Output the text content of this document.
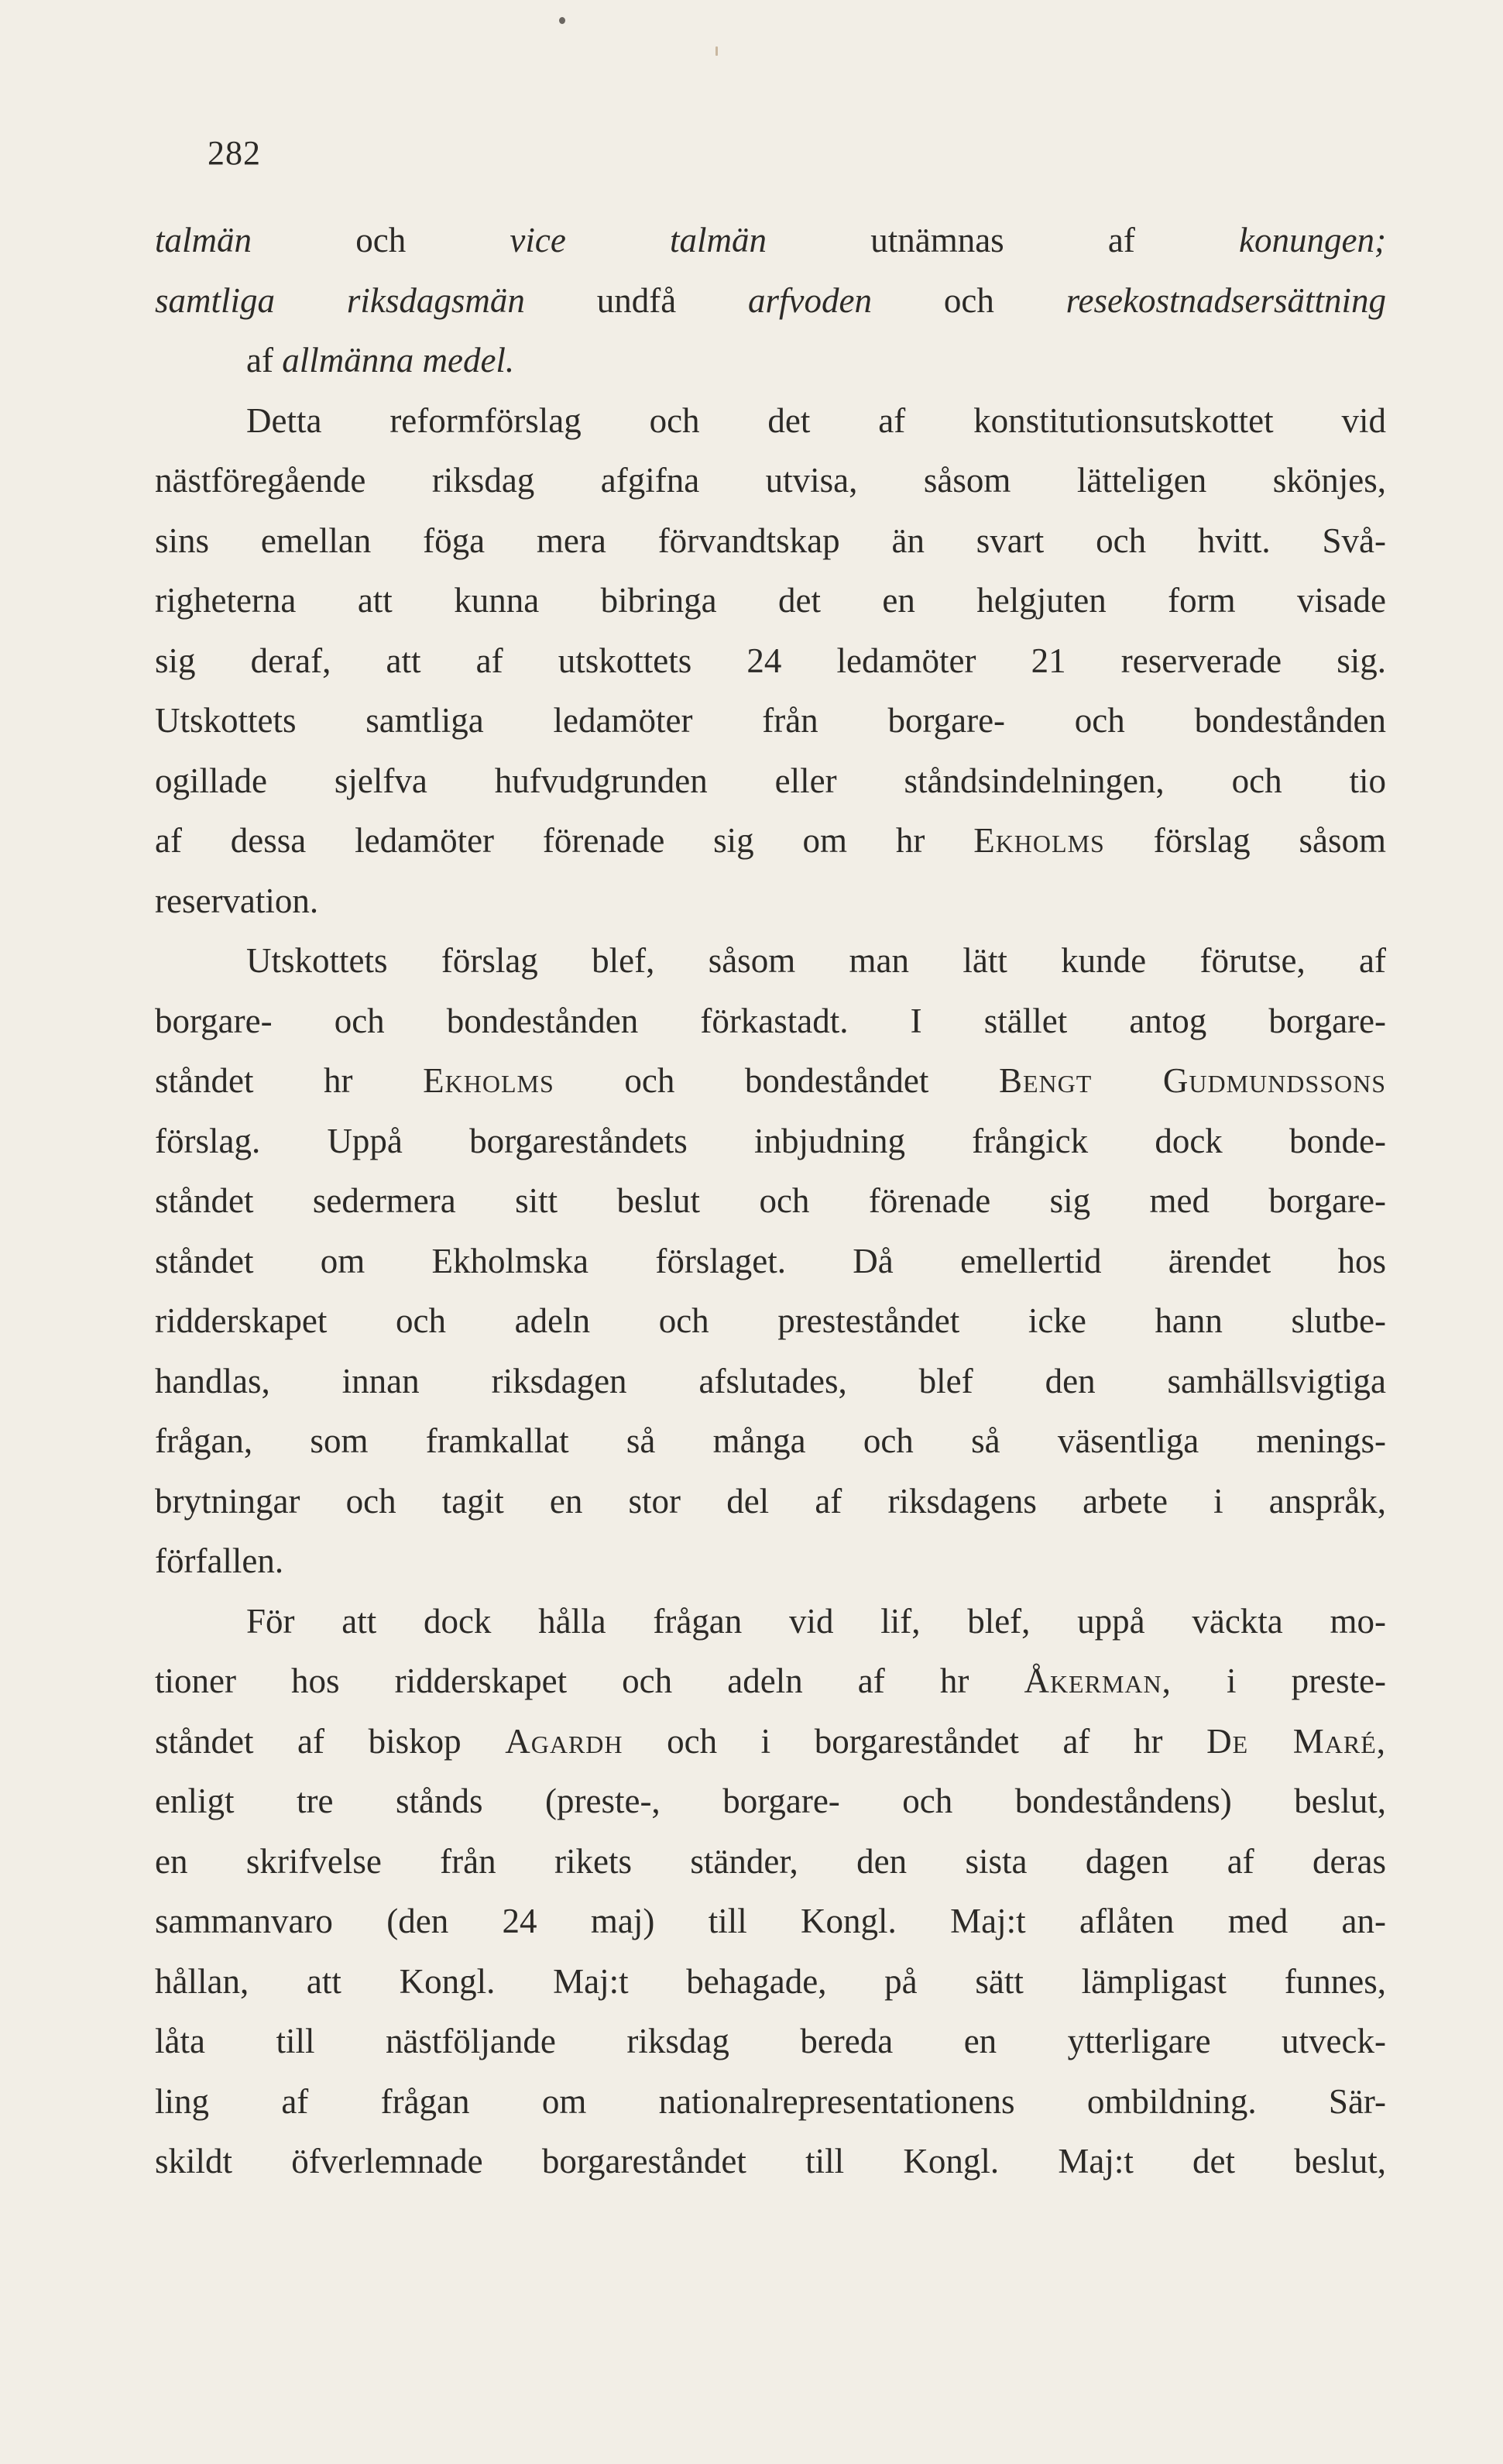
282
talmän och vice talmän utnämnas af konungen;
samtliga riksdagsmän undfå arfvoden och resekostnadsersättning
af allmänna medel.
Detta reformförslag och det af konstitutionsutskottet vid
nästföregående riksdag afgifna utvisa, såsom lätteligen skönjes,
sins emellan föga mera förvandtskap än svart och hvitt. Svå-
righeterna att kunna bibringa det en helgjuten form visade
sig deraf, att af utskottets 24 ledamöter 21 reserverade sig.
Utskottets samtliga ledamöter från borgare- och bondestånden
ogillade sjelfva hufvudgrunden eller ståndsindelningen, och tio
af dessa ledamöter förenade sig om hr Ekholms förslag såsom
reservation.
Utskottets förslag blef, såsom man lätt kunde förutse, af
borgare- och bondestånden förkastadt. I stället antog borgare-
ståndet hr Ekholms och bondeståndet Bengt Gudmundssons
förslag. Uppå borgareståndets inbjudning frångick dock bonde-
ståndet sedermera sitt beslut och förenade sig med borgare-
ståndet om Ekholmska förslaget. Då emellertid ärendet hos
ridderskapet och adeln och presteståndet icke hann slutbe-
handlas, innan riksdagen afslutades, blef den samhällsvigtiga
frågan, som framkallat så många och så väsentliga menings-
brytningar och tagit en stor del af riksdagens arbete i anspråk,
förfallen.
För att dock hålla frågan vid lif, blef, uppå väckta mo-
tioner hos ridderskapet och adeln af hr Åkerman, i preste-
ståndet af biskop Agardh och i borgareståndet af hr De Maré,
enligt tre stånds (preste-, borgare- och bondeståndens) beslut,
en skrifvelse från rikets ständer, den sista dagen af deras
sammanvaro (den 24 maj) till Kongl. Maj:t aflåten med an-
hållan, att Kongl. Maj:t behagade, på sätt lämpligast funnes,
låta till nästföljande riksdag bereda en ytterligare utveck-
ling af frågan om nationalrepresentationens ombildning. Sär-
skildt öfverlemnade borgareståndet till Kongl. Maj:t det beslut,
